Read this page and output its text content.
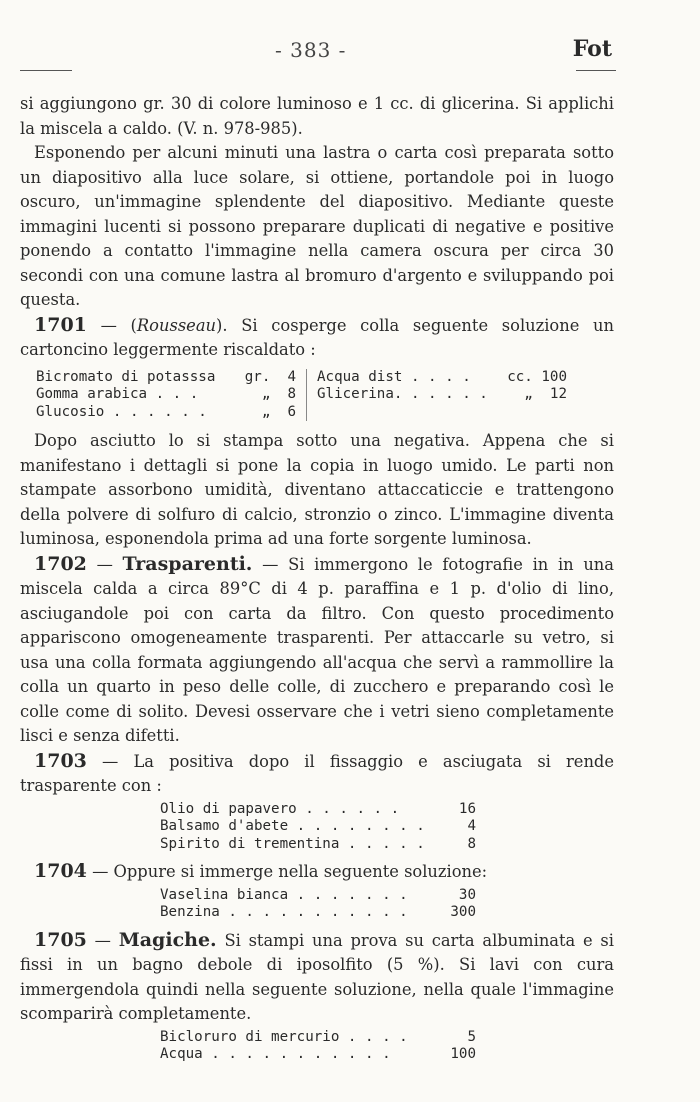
- 383 -	Fot

si aggiungono gr. 30 di colore luminoso e 1 cc. di glicerina. Si applichi la miscela a caldo. (V. n. 978-985).

Esponendo per alcuni minuti una lastra o carta così preparata sotto un diapositivo alla luce solare, si ottiene, portandole poi in luogo oscuro, un'immagine splendente del diapositivo. Mediante queste immagini lucenti si possono preparare duplicati di negative e positive ponendo a contatto l'immagine nella camera oscura per circa 30 secondi con una comune lastra al bromuro d'argento e sviluppando poi questa.

1701 — (Rousseau). Si cosperge colla seguente soluzione un cartoncino leggermente riscaldato :

Bicromato di potasssa gr.  4
Gomma arabica . . .	„  8
Glucosio . . . . . .	„  6
Acqua dist . . . .	cc. 100
Glicerina. . . . . .	„  12

Dopo asciutto lo si stampa sotto una negativa. Appena che si manifestano i dettagli si pone la copia in luogo umido. Le parti non stampate assorbono umidità, diventano attaccaticcie e trattengono della polvere di solfuro di calcio, stronzio o zinco. L'immagine diventa luminosa, esponendola prima ad una forte sorgente luminosa.

1702 — Trasparenti. — Si immergono le fotografie in in una miscela calda a circa 89°C di 4 p. paraffina e 1 p. d'olio di lino, asciugandole poi con carta da filtro. Con questo procedimento appariscono omogeneamente trasparenti. Per attaccarle su vetro, si usa una colla formata aggiungendo all'acqua che servì a rammollire la colla un quarto in peso delle colle, di zucchero e preparando così le colle come di solito. Devesi osservare che i vetri sieno completamente lisci e senza difetti.

1703 — La positiva dopo il fissaggio e asciugata si rende trasparente con :

Olio di papavero . . . . . .	16
Balsamo d'abete . . . . . . . .	4
Spirito di trementina . . . . .	8

1704 — Oppure si immerge nella seguente soluzione:

Vaselina bianca . . . . . . .	30
Benzina . . . . . . . . . . .	300

1705 — Magiche. Si stampi una prova su carta albuminata e si fissi in un bagno debole di iposolfito (5 %). Si lavi con cura immergendola quindi nella seguente soluzione, nella quale l'immagine scomparirà completamente.

Bicloruro di mercurio . . . .	5
Acqua . . . . . . . . . . .	100
